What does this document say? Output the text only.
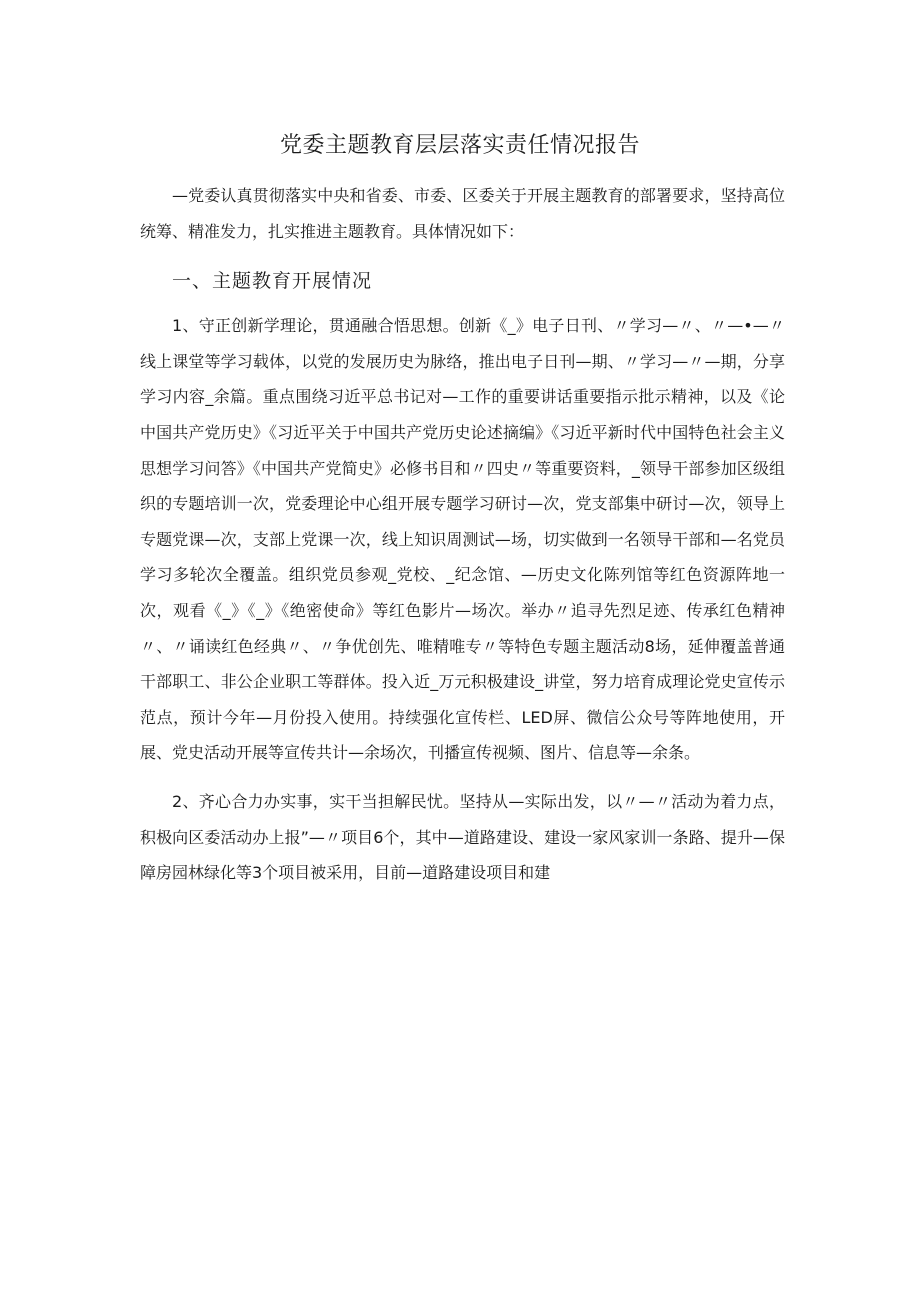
党委主题教育层层落实责任情况报告

—党委认真贯彻落实中央和省委、市委、区委关于开展主题教育的部署要求，坚持高位统筹、精准发力，扎实推进主题教育。具体情况如下：

一、主题教育开展情况

1、守正创新学理论，贯通融合悟思想。创新《_》电子日刊、〃学习—〃、〃—•—〃线上课堂等学习载体，以党的发展历史为脉络，推出电子日刊—期、〃学习—〃—期，分享学习内容_余篇。重点围绕习近平总书记对—工作的重要讲话重要指示批示精神，以及《论中国共产党历史》《习近平关于中国共产党历史论述摘编》《习近平新时代中国特色社会主义思想学习问答》《中国共产党简史》必修书目和〃四史〃等重要资料，_领导干部参加区级组织的专题培训一次，党委理论中心组开展专题学习研讨—次，党支部集中研讨—次，领导上专题党课—次，支部上党课一次，线上知识周测试—场，切实做到一名领导干部和—名党员学习多轮次全覆盖。组织党员参观_党校、_纪念馆、—历史文化陈列馆等红色资源阵地一次，观看《_》《_》《绝密使命》等红色影片—场次。举办〃追寻先烈足迹、传承红色精神〃、〃诵读红色经典〃、〃争优创先、唯精唯专〃等特色专题主题活动8场，延伸覆盖普通干部职工、非公企业职工等群体。投入近_万元积极建设_讲堂，努力培育成理论党史宣传示范点，预计今年—月份投入使用。持续强化宣传栏、LED屏、微信公众号等阵地使用，开展、党史活动开展等宣传共计—余场次，刊播宣传视频、图片、信息等—余条。

2、齐心合力办实事，实干当担解民忧。坚持从—实际出发，以〃—〃活动为着力点，积极向区委活动办上报”—〃项目6个，其中—道路建设、建设一家风家训一条路、提升—保障房园林绿化等3个项目被采用，目前—道路建设项目和建
